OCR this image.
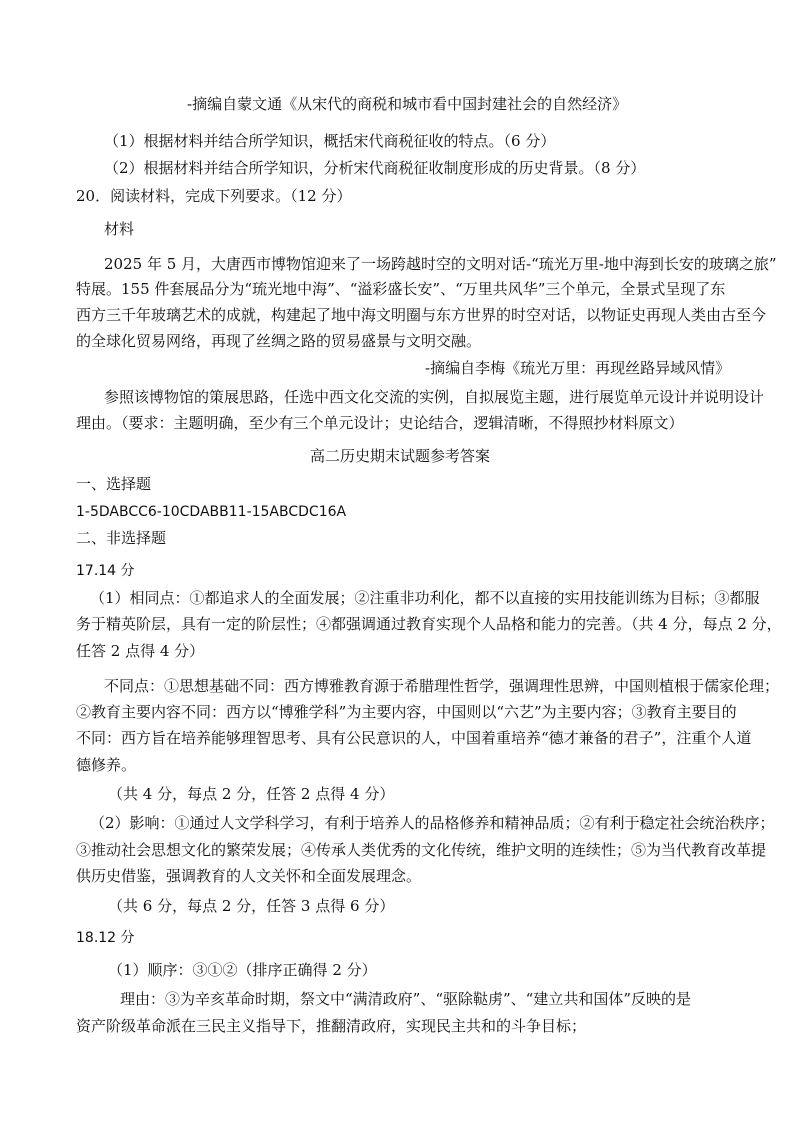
-摘编自蒙文通《从宋代的商税和城市看中国封建社会的自然经济》
（1）根据材料并结合所学知识，概括宋代商税征收的特点。（6 分）
（2）根据材料并结合所学知识，分析宋代商税征收制度形成的历史背景。（8 分）
20．阅读材料，完成下列要求。（12 分）
材料
2025 年 5 月，大唐西市博物馆迎来了一场跨越时空的文明对话-“琉光万里-地中海到长安的玻璃之旅”
特展。155 件套展品分为“琉光地中海”、“溢彩盛长安”、“万里共风华”三个单元，全景式呈现了东
西方三千年玻璃艺术的成就，构建起了地中海文明圈与东方世界的时空对话，以物证史再现人类由古至今
的全球化贸易网络，再现了丝绸之路的贸易盛景与文明交融。
-摘编自李梅《琉光万里：再现丝路异域风情》
参照该博物馆的策展思路，任选中西文化交流的实例，自拟展览主题，进行展览单元设计并说明设计
理由。（要求：主题明确，至少有三个单元设计；史论结合，逻辑清晰，不得照抄材料原文）
高二历史期末试题参考答案
一、选择题
1-5DABCC6-10CDABB11-15ABCDC16A
二、非选择题
17.14 分
（1）相同点：①都追求人的全面发展；②注重非功利化，都不以直接的实用技能训练为目标；③都服
务于精英阶层，具有一定的阶层性；④都强调通过教育实现个人品格和能力的完善。（共 4 分，每点 2 分，
任答 2 点得 4 分）
不同点：①思想基础不同：西方博雅教育源于希腊理性哲学，强调理性思辨，中国则植根于儒家伦理；
②教育主要内容不同：西方以“博雅学科”为主要内容，中国则以“六艺”为主要内容；③教育主要目的
不同：西方旨在培养能够理智思考、具有公民意识的人，中国着重培养“德才兼备的君子”，注重个人道
德修养。
（共 4 分，每点 2 分，任答 2 点得 4 分）
（2）影响：①通过人文学科学习，有利于培养人的品格修养和精神品质；②有利于稳定社会统治秩序；
③推动社会思想文化的繁荣发展；④传承人类优秀的文化传统，维护文明的连续性；⑤为当代教育改革提
供历史借鉴，强调教育的人文关怀和全面发展理念。
（共 6 分，每点 2 分，任答 3 点得 6 分）
18.12 分
（1）顺序：③①②（排序正确得 2 分）
理由：③为辛亥革命时期，祭文中“满清政府”、“驱除鞑虏”、“建立共和国体”反映的是
资产阶级革命派在三民主义指导下，推翻清政府，实现民主共和的斗争目标；
